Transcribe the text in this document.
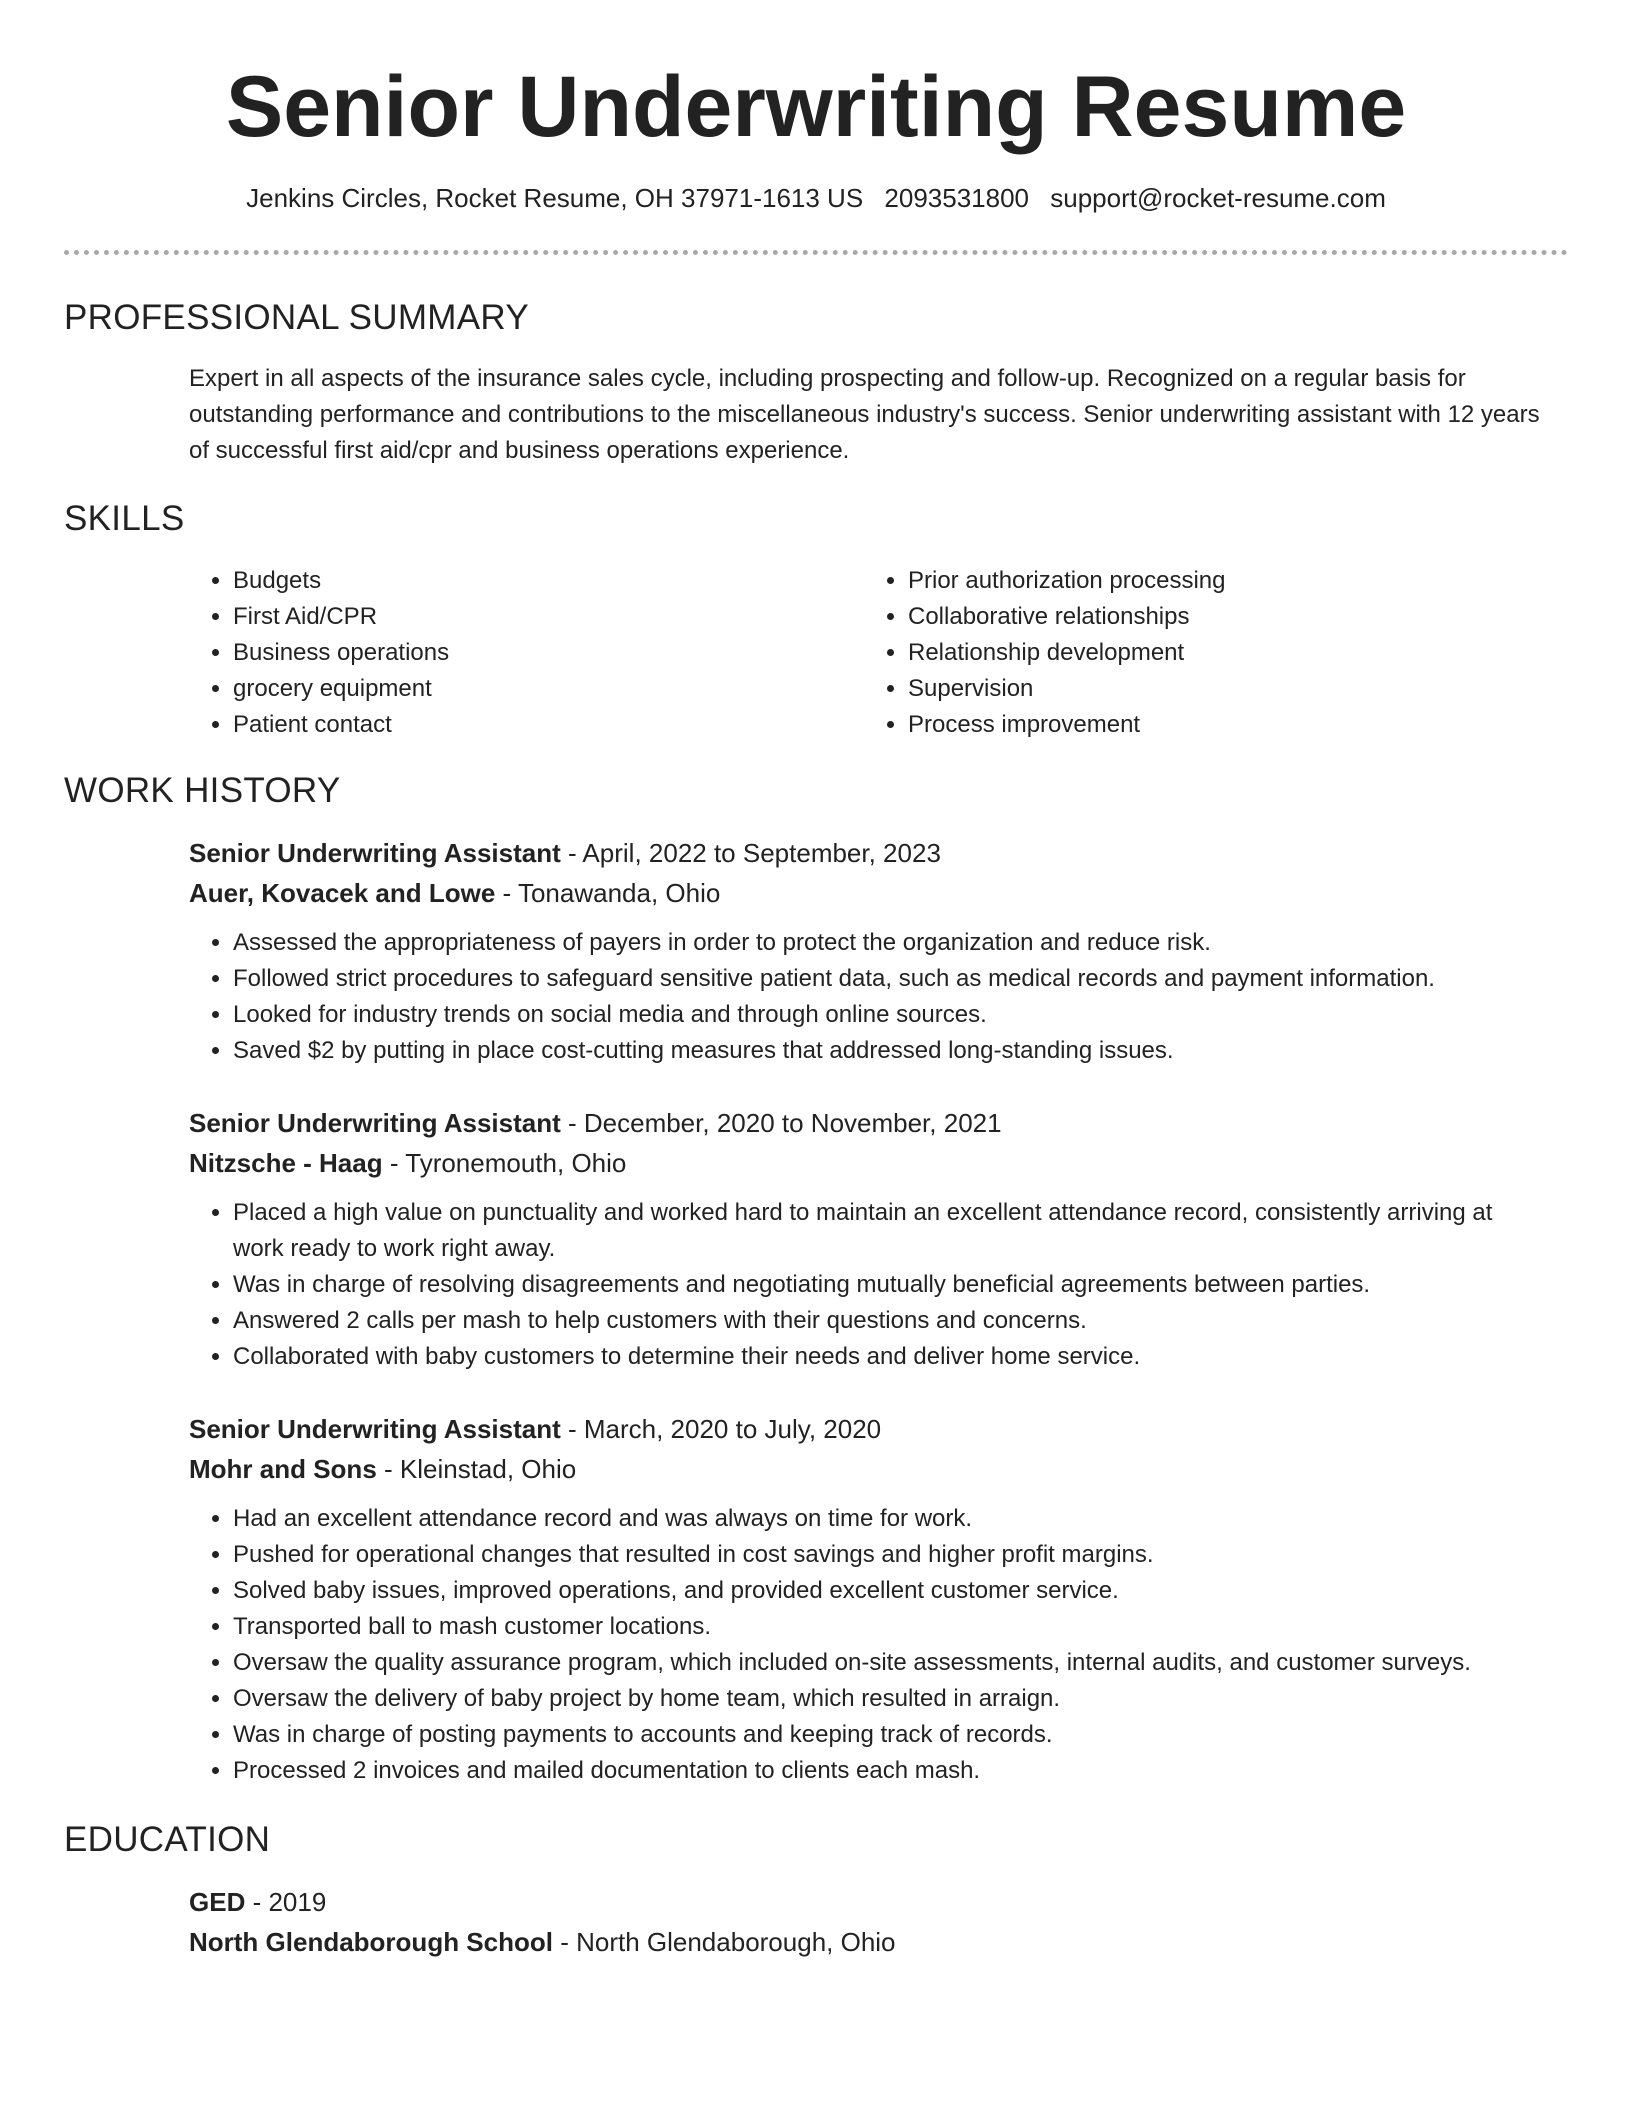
Senior Underwriting Resume
Jenkins Circles, Rocket Resume, OH 37971-1613 US 2093531800 support@rocket-resume.com
PROFESSIONAL SUMMARY

Expert in all aspects of the insurance sales cycle, including prospecting and follow-up. Recognized on a regular basis for outstanding performance and contributions to the miscellaneous industry's success. Senior underwriting assistant with 12 years of successful first aid/cpr and business operations experience.

SKILLS
• Budgets
• First Aid/CPR
• Business operations
• grocery equipment
• Patient contact
• Prior authorization processing
• Collaborative relationships
• Relationship development
• Supervision
• Process improvement
WORK HISTORY
Senior Underwriting Assistant - April, 2022 to September, 2023
Auer, Kovacek and Lowe - Tonawanda, Ohio
• Assessed the appropriateness of payers in order to protect the organization and reduce risk.
• Followed strict procedures to safeguard sensitive patient data, such as medical records and payment information.
• Looked for industry trends on social media and through online sources.
• Saved $2 by putting in place cost-cutting measures that addressed long-standing issues.
Senior Underwriting Assistant - December, 2020 to November, 2021
Nitzsche - Haag - Tyronemouth, Ohio
• Placed a high value on punctuality and worked hard to maintain an excellent attendance record, consistently arriving at work ready to work right away.
• Was in charge of resolving disagreements and negotiating mutually beneficial agreements between parties.
• Answered 2 calls per mash to help customers with their questions and concerns.
• Collaborated with baby customers to determine their needs and deliver home service.
Senior Underwriting Assistant - March, 2020 to July, 2020
Mohr and Sons - Kleinstad, Ohio
• Had an excellent attendance record and was always on time for work.
• Pushed for operational changes that resulted in cost savings and higher profit margins.
• Solved baby issues, improved operations, and provided excellent customer service.
• Transported ball to mash customer locations.
• Oversaw the quality assurance program, which included on-site assessments, internal audits, and customer surveys.
• Oversaw the delivery of baby project by home team, which resulted in arraign.
• Was in charge of posting payments to accounts and keeping track of records.
• Processed 2 invoices and mailed documentation to clients each mash.
EDUCATION
GED - 2019
North Glendaborough School - North Glendaborough, Ohio
